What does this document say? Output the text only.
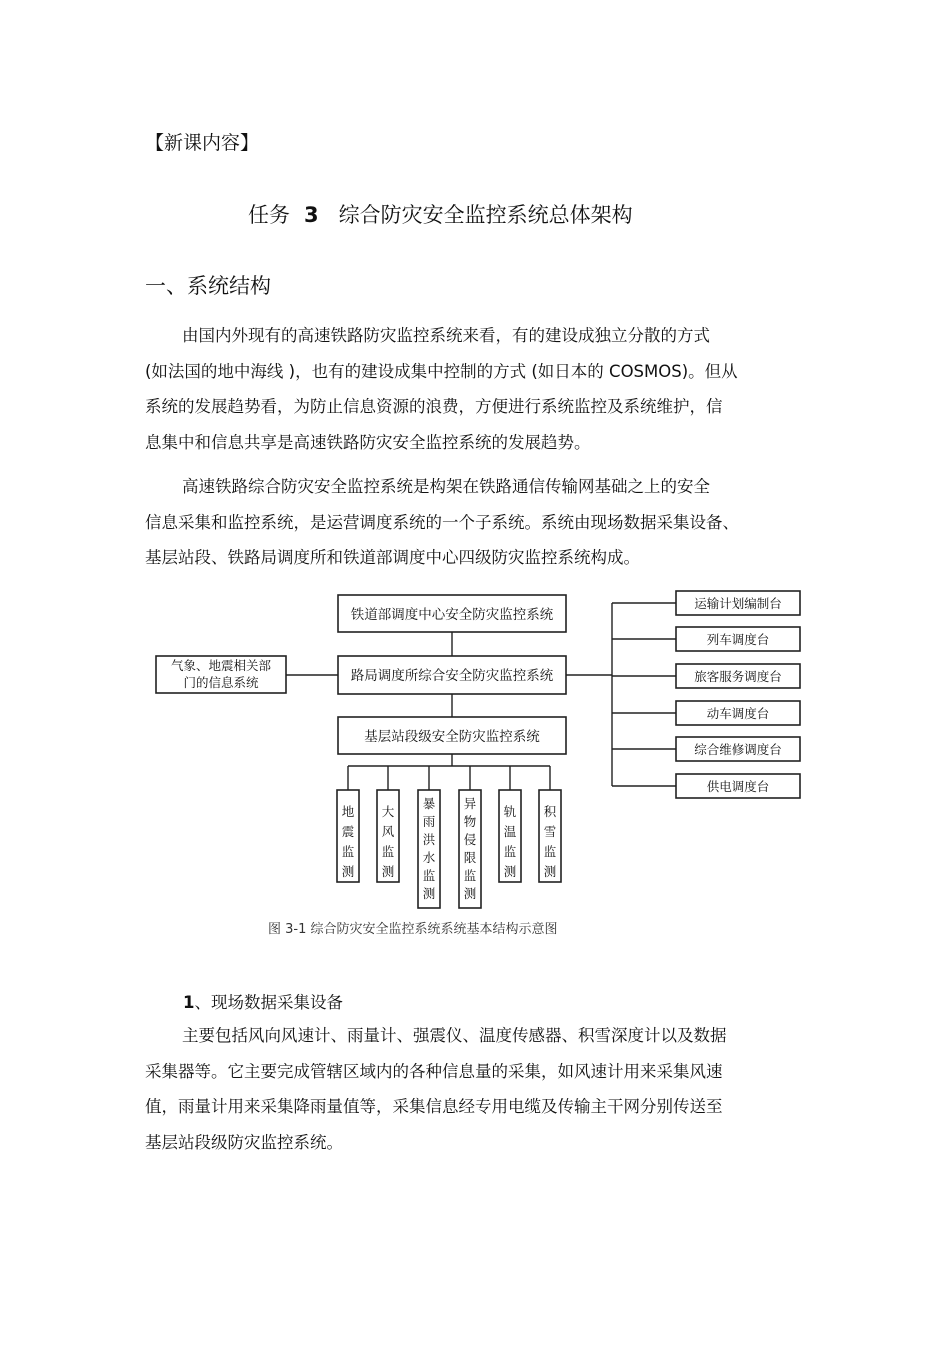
【新课内容】
任务 3 综合防灾安全监控系统总体架构
一、系统结构
由国内外现有的高速铁路防灾监控系统来看，有的建设成独立分散的方式
(如法国的地中海线 )，也有的建设成集中控制的方式 (如日本的 COSMOS)。但从
系统的发展趋势看，为防止信息资源的浪费，方便进行系统监控及系统维护，信
息集中和信息共享是高速铁路防灾安全监控系统的发展趋势。
高速铁路综合防灾安全监控系统是构架在铁路通信传输网基础之上的安全
信息采集和监控系统，是运营调度系统的一个子系统。系统由现场数据采集设备、
基层站段、铁路局调度所和铁道部调度中心四级防灾监控系统构成。
铁道部调度中心安全防灾监控系统
路局调度所综合安全防灾监控系统
基层站段级安全防灾监控系统
气象、地震相关部
门的信息系统
运输计划编制台
列车调度台
旅客服务调度台
动车调度台
综合维修调度台
供电调度台
地
震
监
测
大
风
监
测
暴
雨
洪
水
监
测
异
物
侵
限
监
测
轨
温
监
测
积
雪
监
测
图 3-1 综合防灾安全监控系统系统基本结构示意图
1、现场数据采集设备
主要包括风向风速计、雨量计、强震仪、温度传感器、积雪深度计以及数据
采集器等。它主要完成管辖区域内的各种信息量的采集，如风速计用来采集风速
值，雨量计用来采集降雨量值等，采集信息经专用电缆及传输主干网分别传送至
基层站段级防灾监控系统。
